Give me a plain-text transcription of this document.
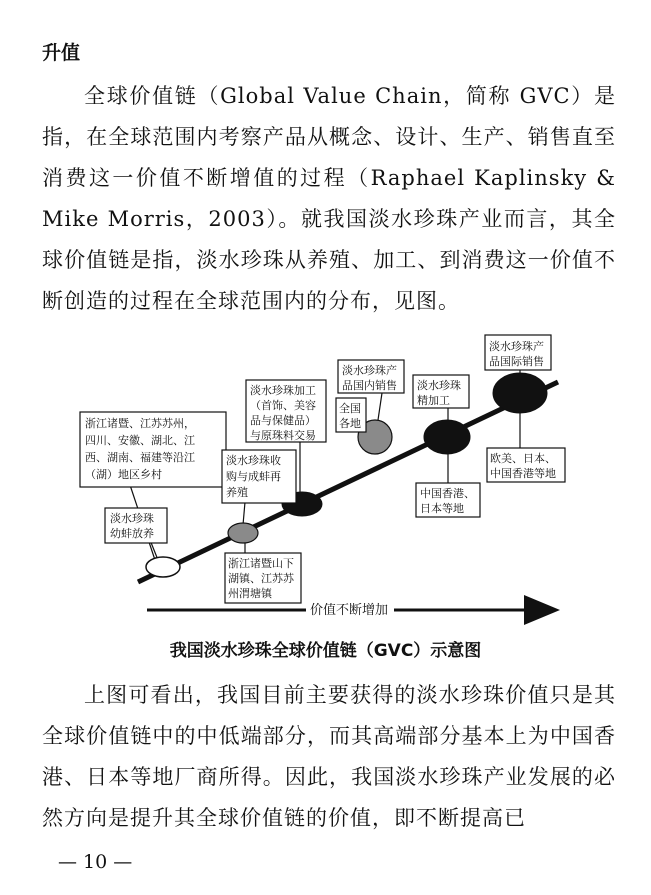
升值

全球价值链（Global Value Chain，简称 GVC）是指，在全球范围内考察产品从概念、设计、生产、销售直至消费这一价值不断增值的过程（Raphael Kaplinsky & Mike Morris，2003）。就我国淡水珍珠产业而言，其全球价值链是指，淡水珍珠从养殖、加工、到消费这一价值不断创造的过程在全球范围内的分布，见图。

浙江诸暨、江苏苏州， 四川、安徽、湖北、江 西、湖南、福建等沿江 （湖）地区乡村
淡水珍珠 幼蚌放养
淡水珍珠收 购与成蚌再 养殖
浙江诸暨山下 湖镇、江苏苏 州渭塘镇
淡水珍珠加工 （首饰、美容 品与保健品） 与原珠料交易
淡水珍珠产 品国内销售
全国 各地
淡水珍珠 精加工
中国香港、 日本等地
淡水珍珠产 品国际销售
欧美、日本、 中国香港等地
价值不断增加
我国淡水珍珠全球价值链（GVC）示意图

上图可看出，我国目前主要获得的淡水珍珠价值只是其全球价值链中的中低端部分，而其高端部分基本上为中国香港、日本等地厂商所得。因此，我国淡水珍珠产业发展的必然方向是提升其全球价值链的价值，即不断提高已

— 10 —
